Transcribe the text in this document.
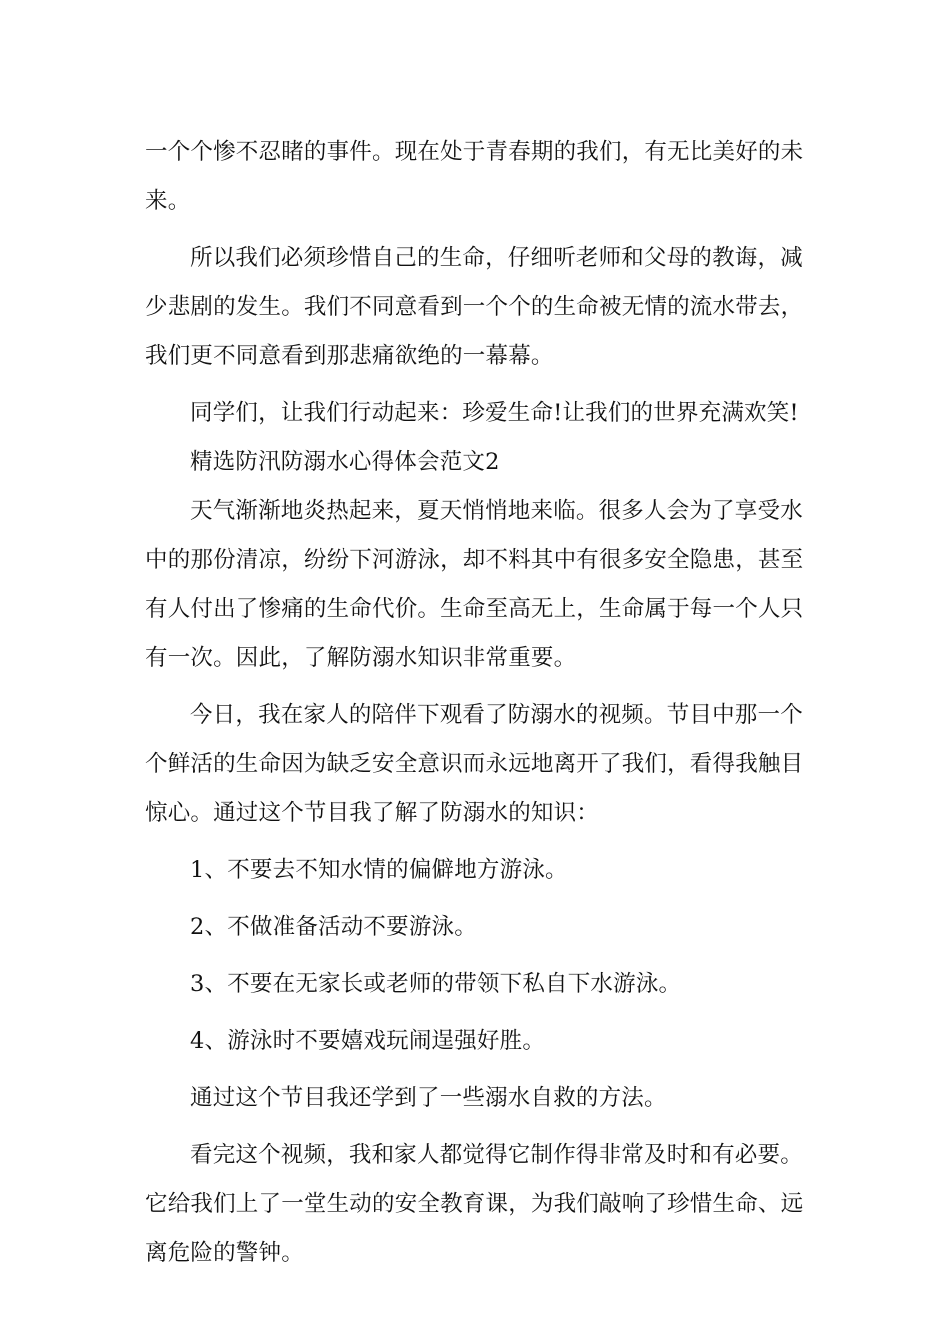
一个个惨不忍睹的事件。现在处于青春期的我们，有无比美好的未来。

所以我们必须珍惜自己的生命，仔细听老师和父母的教诲，减少悲剧的发生。我们不同意看到一个个的生命被无情的流水带去，我们更不同意看到那悲痛欲绝的一幕幕。

同学们，让我们行动起来：珍爱生命!让我们的世界充满欢笑!

精选防汛防溺水心得体会范文2

天气渐渐地炎热起来，夏天悄悄地来临。很多人会为了享受水中的那份清凉，纷纷下河游泳，却不料其中有很多安全隐患，甚至有人付出了惨痛的生命代价。生命至高无上，生命属于每一个人只有一次。因此，了解防溺水知识非常重要。

今日，我在家人的陪伴下观看了防溺水的视频。节目中那一个个鲜活的生命因为缺乏安全意识而永远地离开了我们，看得我触目惊心。通过这个节目我了解了防溺水的知识：

1、不要去不知水情的偏僻地方游泳。

2、不做准备活动不要游泳。

3、不要在无家长或老师的带领下私自下水游泳。

4、游泳时不要嬉戏玩闹逞强好胜。

通过这个节目我还学到了一些溺水自救的方法。

看完这个视频，我和家人都觉得它制作得非常及时和有必要。它给我们上了一堂生动的安全教育课，为我们敲响了珍惜生命、远离危险的警钟。
